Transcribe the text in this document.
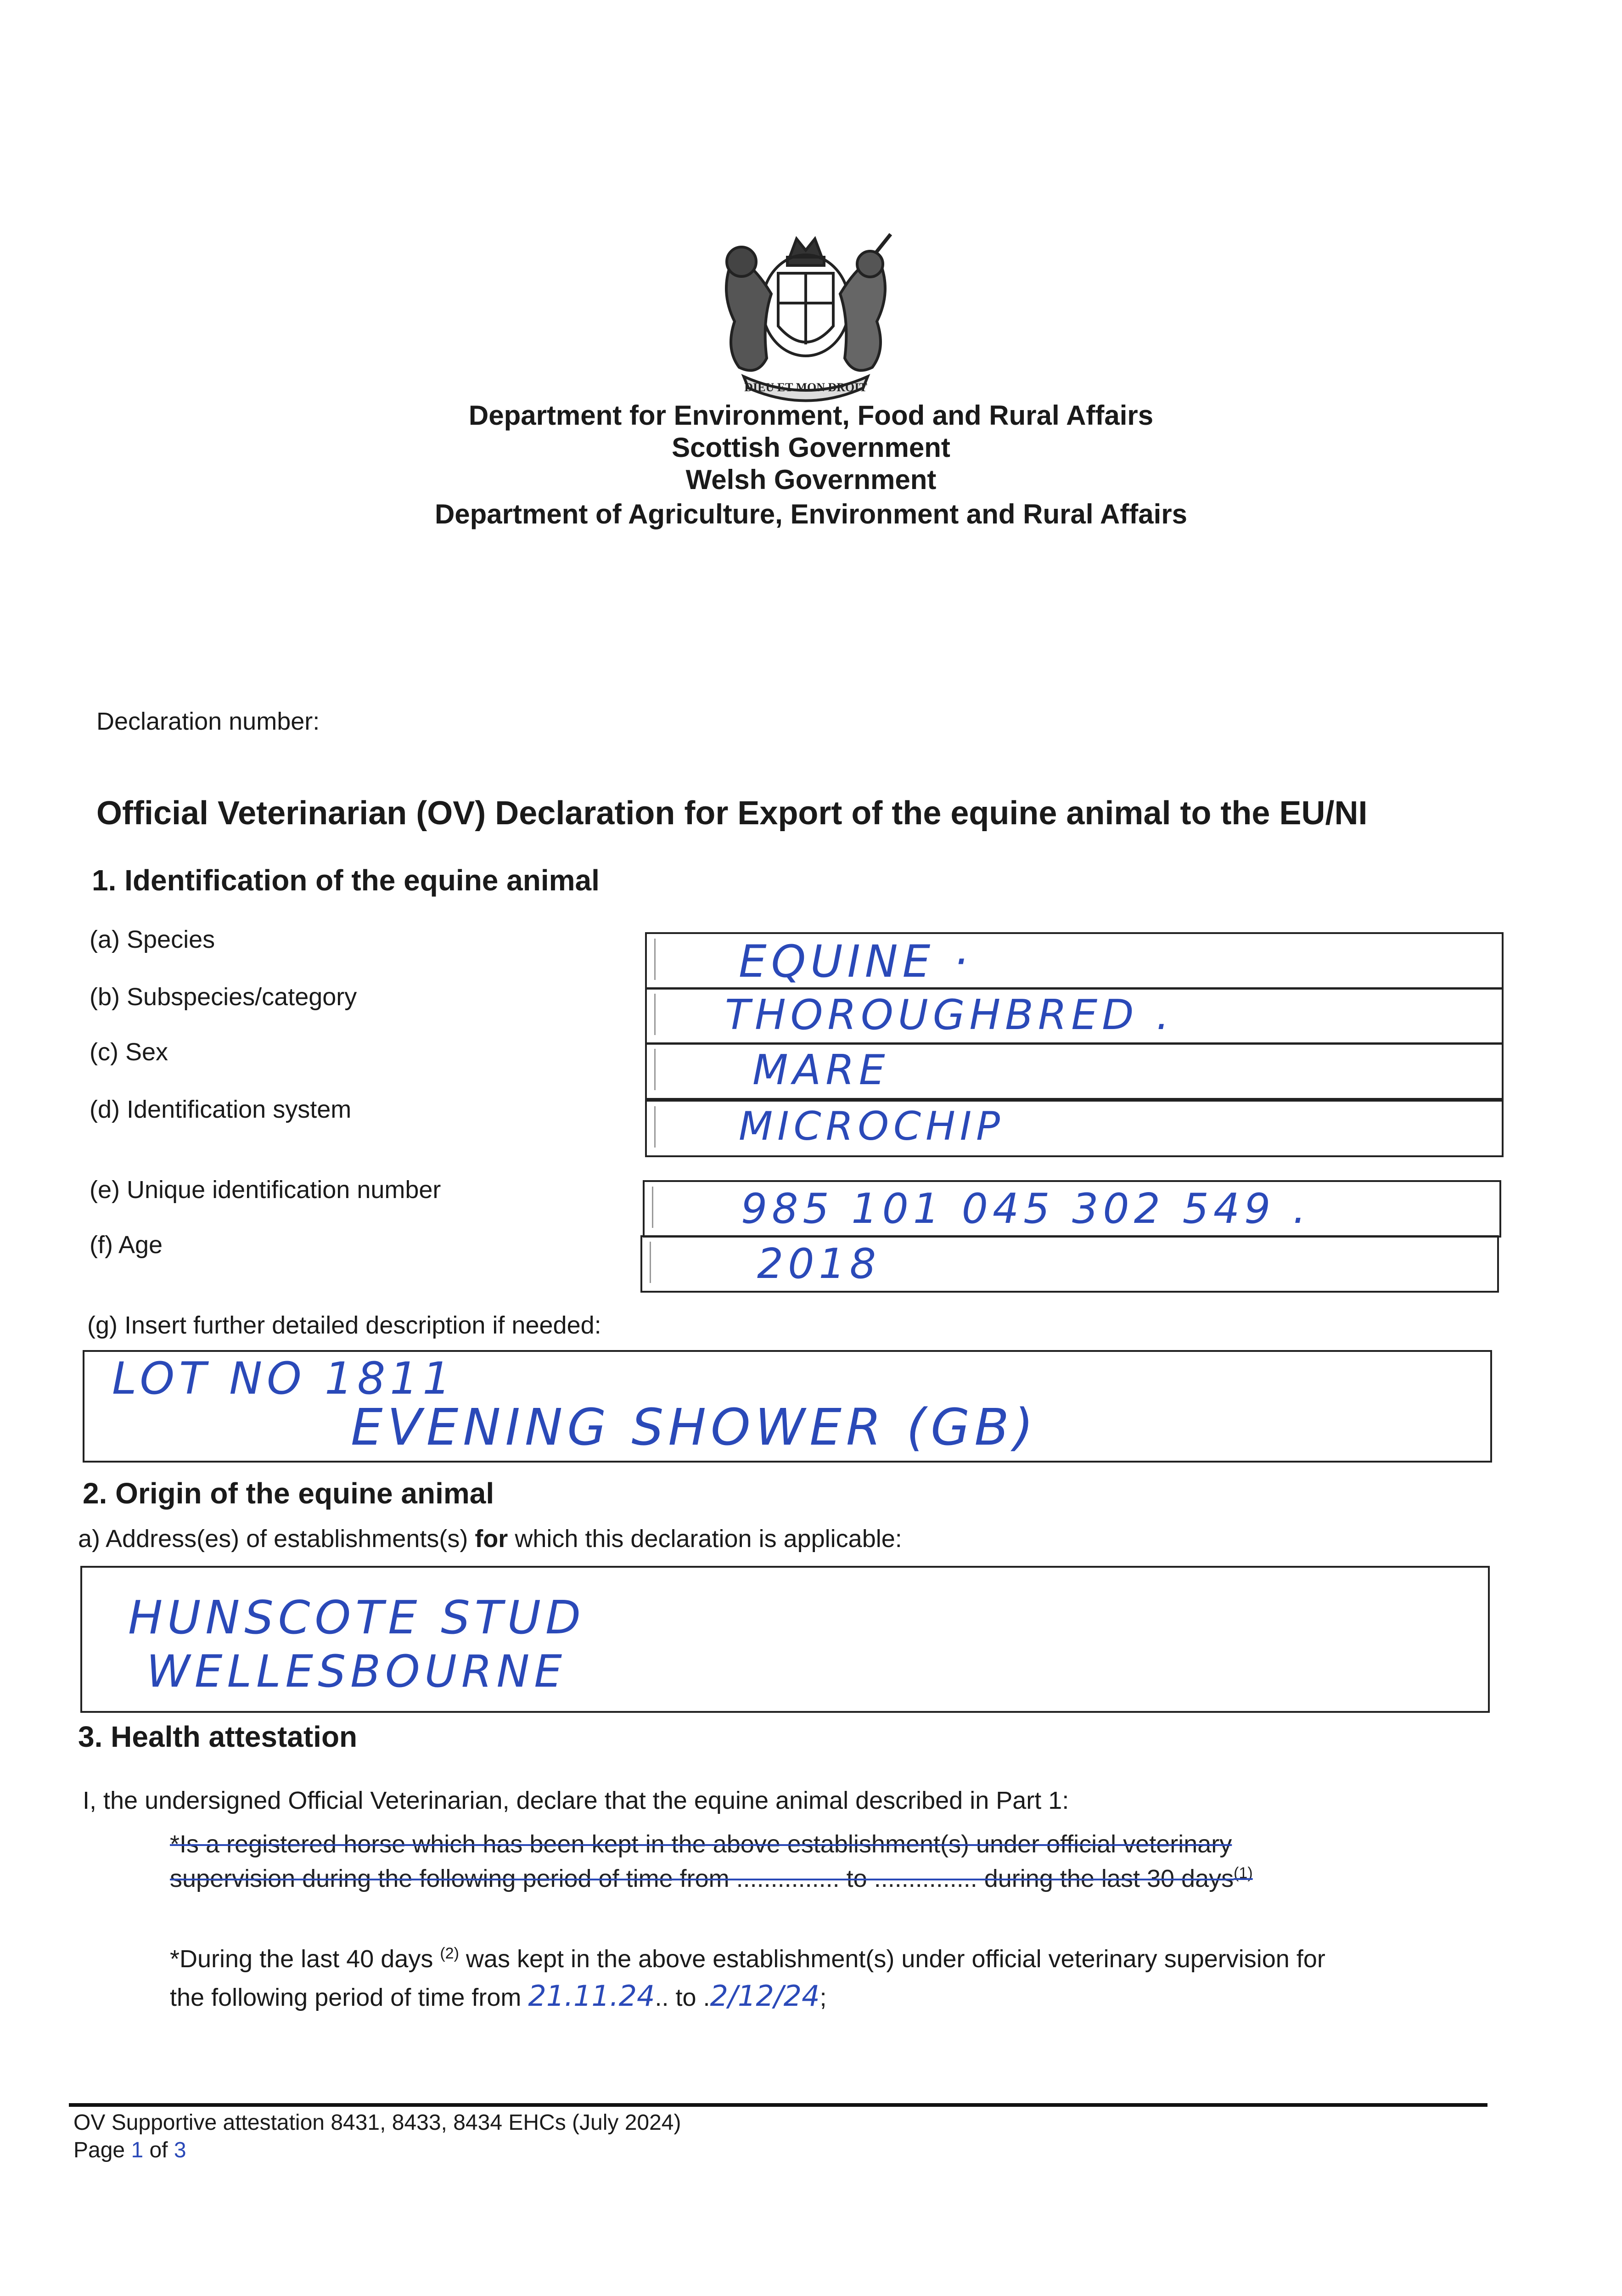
DIEU ET MON DROIT
Department for Environment, Food and Rural Affairs
Scottish Government
Welsh Government
Department of Agriculture, Environment and Rural Affairs
Declaration number:
Official Veterinarian (OV) Declaration for Export of the equine animal to the EU/NI
1. Identification of the equine animal
(a) Species	EQUINE ·
(b) Subspecies/category	THOROUGHBRED .
(c) Sex	MARE
(d) Identification system	MICROCHIP
(e) Unique identification number	985 101 045 302 549 .
(f) Age	2018
(g) Insert further detailed description if needed:
LOT NO 1811
EVENING SHOWER (GB)
2. Origin of the equine animal
a) Address(es) of establishments(s) for which this declaration is applicable:
HUNSCOTE STUD
WELLESBOURNE
3. Health attestation
I, the undersigned Official Veterinarian, declare that the equine animal described in Part 1:
*Is a registered horse which has been kept in the above establishment(s) under official veterinary
supervision during the following period of time from ............... to ............... during the last 30 days$^{(1)}$
*During the last 40 days $^{(2)}$ was kept in the above establishment(s) under official veterinary supervision for
the following period of time from 21.11.24.. to .2/12/24;
OV Supportive attestation 8431, 8433, 8434 EHCs (July 2024)
Page 1 of 3
